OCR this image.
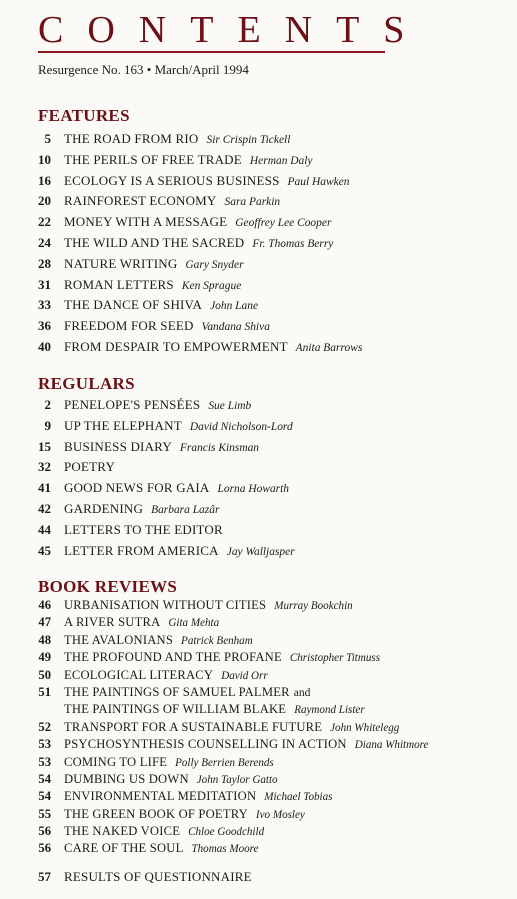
CONTENTS
Resurgence No. 163 • March/April 1994
FEATURES
5 THE ROAD FROM RIO Sir Crispin Tickell
10 THE PERILS OF FREE TRADE Herman Daly
16 ECOLOGY IS A SERIOUS BUSINESS Paul Hawken
20 RAINFOREST ECONOMY Sara Parkin
22 MONEY WITH A MESSAGE Geoffrey Lee Cooper
24 THE WILD AND THE SACRED Fr. Thomas Berry
28 NATURE WRITING Gary Snyder
31 ROMAN LETTERS Ken Sprague
33 THE DANCE OF SHIVA John Lane
36 FREEDOM FOR SEED Vandana Shiva
40 FROM DESPAIR TO EMPOWERMENT Anita Barrows
REGULARS
2 PENELOPE'S PENSÉES Sue Limb
9 UP THE ELEPHANT David Nicholson-Lord
15 BUSINESS DIARY Francis Kinsman
32 POETRY
41 GOOD NEWS FOR GAIA Lorna Howarth
42 GARDENING Barbara Lazâr
44 LETTERS TO THE EDITOR
45 LETTER FROM AMERICA Jay Walljasper
BOOK REVIEWS
46 URBANISATION WITHOUT CITIES Murray Bookchin
47 A RIVER SUTRA Gita Mehta
48 THE AVALONIANS Patrick Benham
49 THE PROFOUND AND THE PROFANE Christopher Titmuss
50 ECOLOGICAL LITERACY David Orr
51 THE PAINTINGS OF SAMUEL PALMER and
THE PAINTINGS OF WILLIAM BLAKE Raymond Lister
52 TRANSPORT FOR A SUSTAINABLE FUTURE John Whitelegg
53 PSYCHOSYNTHESIS COUNSELLING IN ACTION Diana Whitmore
53 COMING TO LIFE Polly Berrien Berends
54 DUMBING US DOWN John Taylor Gatto
54 ENVIRONMENTAL MEDITATION Michael Tobias
55 THE GREEN BOOK OF POETRY Ivo Mosley
56 THE NAKED VOICE Chloe Goodchild
56 CARE OF THE SOUL Thomas Moore
57 RESULTS OF QUESTIONNAIRE
